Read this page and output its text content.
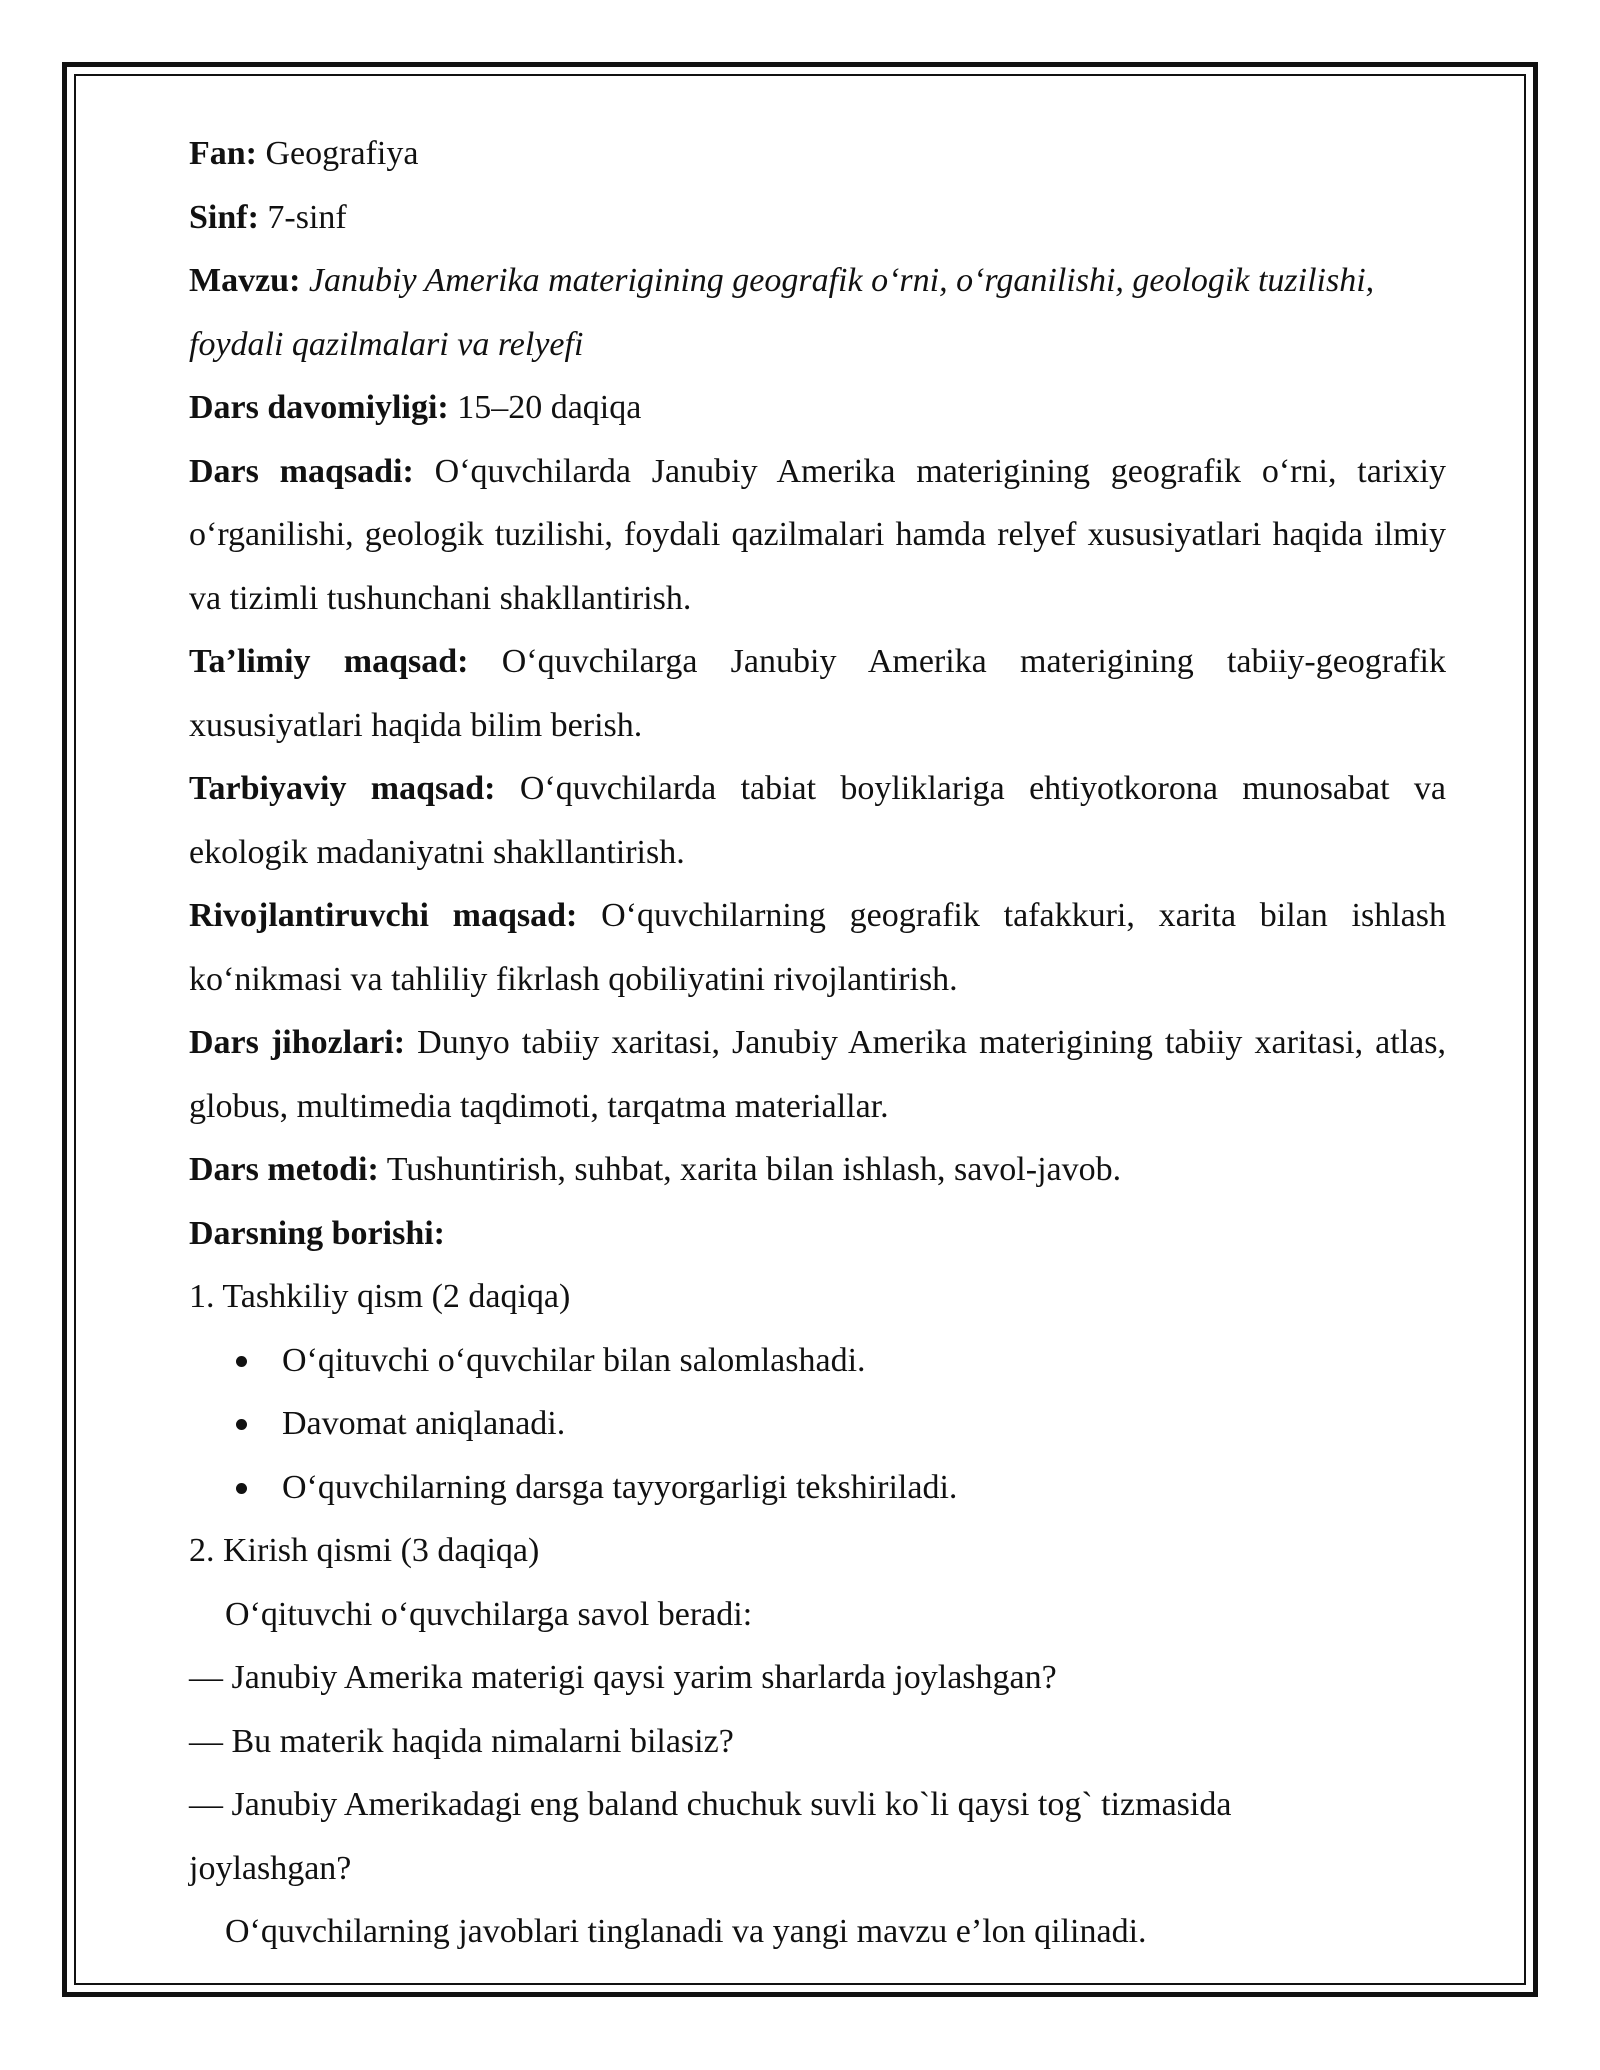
Fan: Geografiya

Sinf: 7-sinf

Mavzu: Janubiy Amerika materigining geografik o‘rni, o‘rganilishi, geologik tuzilishi, foydali qazilmalari va relyefi

Dars davomiyligi: 15–20 daqiqa

Dars maqsadi: O‘quvchilarda Janubiy Amerika materigining geografik o‘rni, tarixiy o‘rganilishi, geologik tuzilishi, foydali qazilmalari hamda relyef xususiyatlari haqida ilmiy va tizimli tushunchani shakllantirish.

Ta’limiy maqsad: O‘quvchilarga Janubiy Amerika materigining tabiiy-geografik xususiyatlari haqida bilim berish.

Tarbiyaviy maqsad: O‘quvchilarda tabiat boyliklariga ehtiyotkorona munosabat va ekologik madaniyatni shakllantirish.

Rivojlantiruvchi maqsad: O‘quvchilarning geografik tafakkuri, xarita bilan ishlash ko‘nikmasi va tahliliy fikrlash qobiliyatini rivojlantirish.

Dars jihozlari: Dunyo tabiiy xaritasi, Janubiy Amerika materigining tabiiy xaritasi, atlas, globus, multimedia taqdimoti, tarqatma materiallar.

Dars metodi: Tushuntirish, suhbat, xarita bilan ishlash, savol-javob.

Darsning borishi:

1. Tashkiliy qism (2 daqiqa)

O‘qituvchi o‘quvchilar bilan salomlashadi.
Davomat aniqlanadi.
O‘quvchilarning darsga tayyorgarligi tekshiriladi.

2. Kirish qismi (3 daqiqa)

O‘qituvchi o‘quvchilarga savol beradi:

— Janubiy Amerika materigi qaysi yarim sharlarda joylashgan?

— Bu materik haqida nimalarni bilasiz?

— Janubiy Amerikadagi eng baland chuchuk suvli ko`li qaysi tog` tizmasida joylashgan?

O‘quvchilarning javoblari tinglanadi va yangi mavzu e’lon qilinadi.
